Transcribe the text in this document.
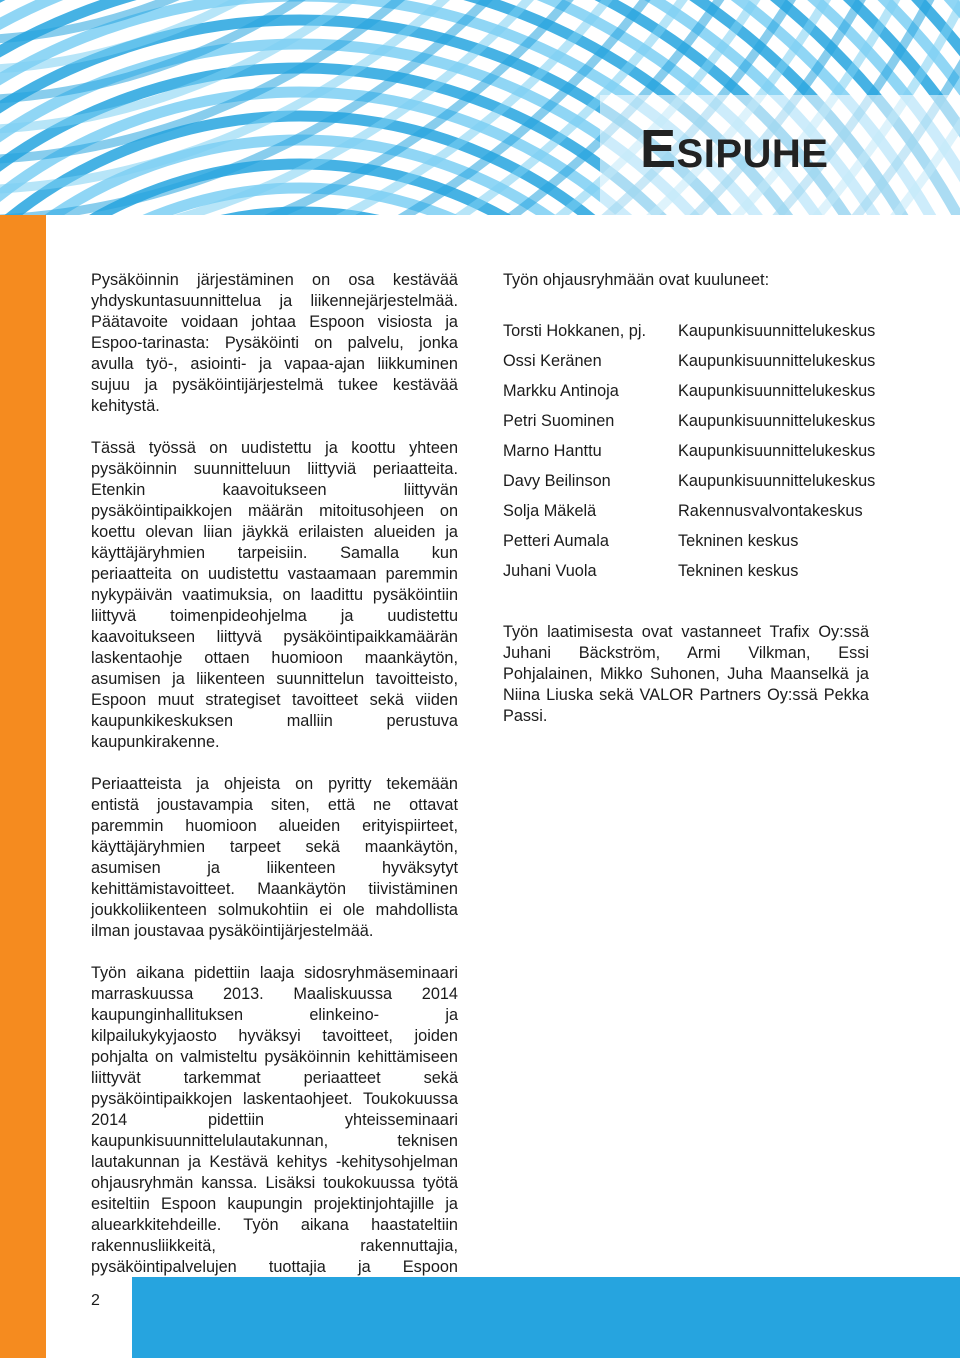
ESIPUHE

Pysäköinnin järjestäminen on osa kestävää yhdyskuntasuunnittelua ja liikennejärjestelmää. Päätavoite voidaan johtaa Espoon visiosta ja Espoo-tarinasta: Pysäköinti on palvelu, jonka avulla työ-, asiointi- ja vapaa-ajan liikkuminen sujuu ja pysäköintijärjestelmä tukee kestävää kehitystä.

Tässä työssä on uudistettu ja koottu yhteen pysäköinnin suunnitteluun liittyviä periaatteita. Etenkin kaavoitukseen liittyvän pysäköintipaikkojen määrän mitoitusohjeen on koettu olevan liian jäykkä erilaisten alueiden ja käyttäjäryhmien tarpeisiin. Samalla kun periaatteita on uudistettu vastaamaan paremmin nykypäivän vaatimuksia, on laadittu pysäköintiin liittyvä toimenpideohjelma ja uudistettu kaavoitukseen liittyvä pysäköintipaikkamäärän laskentaohje ottaen huomioon maankäytön, asumisen ja liikenteen suunnittelun tavoitteisto, Espoon muut strategiset tavoitteet sekä viiden kaupunkikeskuksen malliin perustuva kaupunkirakenne.

Periaatteista ja ohjeista on pyritty tekemään entistä joustavampia siten, että ne ottavat paremmin huomioon alueiden erityispiirteet, käyttäjäryhmien tarpeet sekä maankäytön, asumisen ja liikenteen hyväksytyt kehittämistavoitteet. Maankäytön tiivistäminen joukkoliikenteen solmukohtiin ei ole mahdollista ilman joustavaa pysäköintijärjestelmää.

Työn aikana pidettiin laaja sidosryhmäseminaari marraskuussa 2013. Maaliskuussa 2014 kaupunginhallituksen elinkeino- ja kilpailukykyjaosto hyväksyi tavoitteet, joiden pohjalta on valmisteltu pysäköinnin kehittämiseen liittyvät tarkemmat periaatteet sekä pysäköintipaikkojen laskentaohjeet. Toukokuussa 2014 pidettiin yhteisseminaari kaupunkisuunnittelulautakunnan, teknisen lautakunnan ja Kestävä kehitys -kehitysohjelman ohjausryhmän kanssa. Lisäksi toukokuussa työtä esiteltiin Espoon kaupungin projektinjohtajille ja aluearkkitehdeille. Työn aikana haastateltiin rakennusliikkeitä, rakennuttajia, pysäköintipalvelujen tuottajia ja Espoon

Työn ohjausryhmään ovat kuuluneet:
Torsti Hokkanen, pj.	Kaupunkisuunnittelukeskus
Ossi Keränen	Kaupunkisuunnittelukeskus
Markku Antinoja	Kaupunkisuunnittelukeskus
Petri Suominen	Kaupunkisuunnittelukeskus
Marno Hanttu	Kaupunkisuunnittelukeskus
Davy Beilinson	Kaupunkisuunnittelukeskus
Solja Mäkelä	Rakennusvalvontakeskus
Petteri Aumala	Tekninen keskus
Juhani Vuola	Tekninen keskus
Työn laatimisesta ovat vastanneet Trafix Oy:ssä Juhani Bäckström, Armi Vilkman, Essi Pohjalainen, Mikko Suhonen, Juha Maanselkä ja Niina Liuska sekä VALOR Partners Oy:ssä Pekka Passi.
2
